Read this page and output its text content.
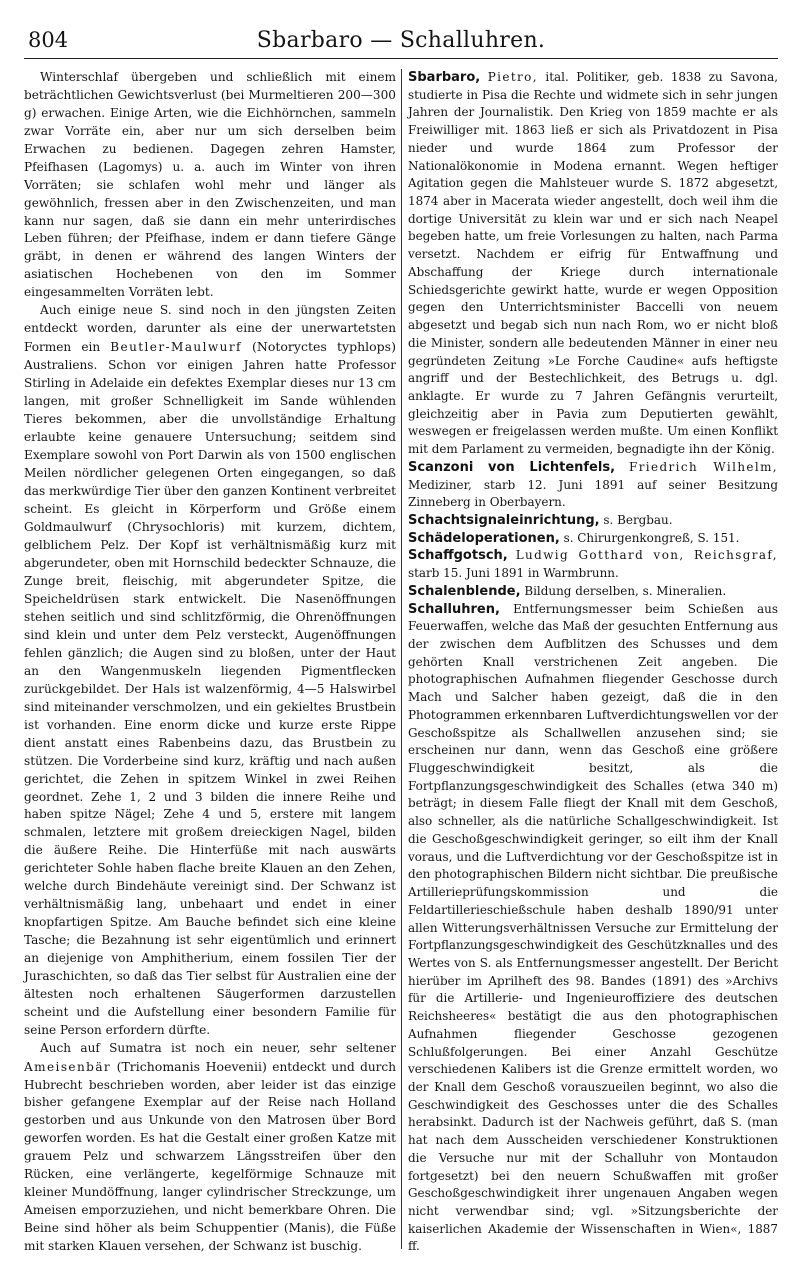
804	Sbarbaro — Schalluhren.

Winterschlaf übergeben und schließlich mit einem beträchtlichen Gewichtsverlust (bei Murmeltieren 200—300 g) erwachen. Einige Arten, wie die Eichhörnchen, sammeln zwar Vorräte ein, aber nur um sich derselben beim Erwachen zu bedienen. Dagegen zehren Hamster, Pfeifhasen (Lagomys) u. a. auch im Winter von ihren Vorräten; sie schlafen wohl mehr und länger als gewöhnlich, fressen aber in den Zwischenzeiten, und man kann nur sagen, daß sie dann ein mehr unterirdisches Leben führen; der Pfeifhase, indem er dann tiefere Gänge gräbt, in denen er während des langen Winters der asiatischen Hochebenen von den im Sommer eingesammelten Vorräten lebt.

Auch einige neue S. sind noch in den jüngsten Zeiten entdeckt worden, darunter als eine der unerwartetsten Formen ein Beutler-Maulwurf (Notoryctes typhlops) Australiens. Schon vor einigen Jahren hatte Professor Stirling in Adelaide ein defektes Exemplar dieses nur 13 cm langen, mit großer Schnelligkeit im Sande wühlenden Tieres bekommen, aber die unvollständige Erhaltung erlaubte keine genauere Untersuchung; seitdem sind Exemplare sowohl von Port Darwin als von 1500 englischen Meilen nördlicher gelegenen Orten eingegangen, so daß das merkwürdige Tier über den ganzen Kontinent verbreitet scheint. Es gleicht in Körperform und Größe einem Goldmaulwurf (Chrysochloris) mit kurzem, dichtem, gelblichem Pelz. Der Kopf ist verhältnismäßig kurz mit abgerundeter, oben mit Hornschild bedeckter Schnauze, die Zunge breit, fleischig, mit abgerundeter Spitze, die Speicheldrüsen stark entwickelt. Die Nasenöffnungen stehen seitlich und sind schlitzförmig, die Ohrenöffnungen sind klein und unter dem Pelz versteckt, Augenöffnungen fehlen gänzlich; die Augen sind zu bloßen, unter der Haut an den Wangenmuskeln liegenden Pigmentflecken zurückgebildet. Der Hals ist walzenförmig, 4—5 Halswirbel sind miteinander verschmolzen, und ein gekieltes Brustbein ist vorhanden. Eine enorm dicke und kurze erste Rippe dient anstatt eines Rabenbeins dazu, das Brustbein zu stützen. Die Vorderbeine sind kurz, kräftig und nach außen gerichtet, die Zehen in spitzem Winkel in zwei Reihen geordnet. Zehe 1, 2 und 3 bilden die innere Reihe und haben spitze Nägel; Zehe 4 und 5, erstere mit langem schmalen, letztere mit großem dreieckigen Nagel, bilden die äußere Reihe. Die Hinterfüße mit nach auswärts gerichteter Sohle haben flache breite Klauen an den Zehen, welche durch Bindehäute vereinigt sind. Der Schwanz ist verhältnismäßig lang, unbehaart und endet in einer knopfartigen Spitze. Am Bauche befindet sich eine kleine Tasche; die Bezahnung ist sehr eigentümlich und erinnert an diejenige von Amphitherium, einem fossilen Tier der Juraschichten, so daß das Tier selbst für Australien eine der ältesten noch erhaltenen Säugerformen darzustellen scheint und die Aufstellung einer besondern Familie für seine Person erfordern dürfte.

Auch auf Sumatra ist noch ein neuer, sehr seltener Ameisenbär (Trichomanis Hoevenii) entdeckt und durch Hubrecht beschrieben worden, aber leider ist das einzige bisher gefangene Exemplar auf der Reise nach Holland gestorben und aus Unkunde von den Matrosen über Bord geworfen worden. Es hat die Gestalt einer großen Katze mit grauem Pelz und schwarzem Längsstreifen über den Rücken, eine verlängerte, kegelförmige Schnauze mit kleiner Mundöffnung, langer cylindrischer Streckzunge, um Ameisen emporzuziehen, und nicht bemerkbare Ohren. Die Beine sind höher als beim Schuppentier (Manis), die Füße mit starken Klauen versehen, der Schwanz ist buschig.

Sbarbaro, Pietro, ital. Politiker, geb. 1838 zu Savona, studierte in Pisa die Rechte und widmete sich in sehr jungen Jahren der Journalistik. Den Krieg von 1859 machte er als Freiwilliger mit. 1863 ließ er sich als Privatdozent in Pisa nieder und wurde 1864 zum Professor der Nationalökonomie in Modena ernannt. Wegen heftiger Agitation gegen die Mahlsteuer wurde S. 1872 abgesetzt, 1874 aber in Macerata wieder angestellt, doch weil ihm die dortige Universität zu klein war und er sich nach Neapel begeben hatte, um freie Vorlesungen zu halten, nach Parma versetzt. Nachdem er eifrig für Entwaffnung und Abschaffung der Kriege durch internationale Schiedsgerichte gewirkt hatte, wurde er wegen Opposition gegen den Unterrichtsminister Baccelli von neuem abgesetzt und begab sich nun nach Rom, wo er nicht bloß die Minister, sondern alle bedeutenden Männer in einer neu gegründeten Zeitung »Le Forche Caudine« aufs heftigste angriff und der Bestechlichkeit, des Betrugs u. dgl. anklagte. Er wurde zu 7 Jahren Gefängnis verurteilt, gleichzeitig aber in Pavia zum Deputierten gewählt, weswegen er freigelassen werden mußte. Um einen Konflikt mit dem Parlament zu vermeiden, begnadigte ihn der König.

Scanzoni von Lichtenfels, Friedrich Wilhelm, Mediziner, starb 12. Juni 1891 auf seiner Besitzung Zinneberg in Oberbayern.

Schachtsignaleinrichtung, s. Bergbau.

Schädeloperationen, s. Chirurgenkongreß, S. 151.

Schaffgotsch, Ludwig Gotthard von, Reichsgraf, starb 15. Juni 1891 in Warmbrunn.

Schalenblende, Bildung derselben, s. Mineralien.

Schalluhren, Entfernungsmesser beim Schießen aus Feuerwaffen, welche das Maß der gesuchten Entfernung aus der zwischen dem Aufblitzen des Schusses und dem gehörten Knall verstrichenen Zeit angeben. Die photographischen Aufnahmen fliegender Geschosse durch Mach und Salcher haben gezeigt, daß die in den Photogrammen erkennbaren Luftverdichtungswellen vor der Geschoßspitze als Schallwellen anzusehen sind; sie erscheinen nur dann, wenn das Geschoß eine größere Fluggeschwindigkeit besitzt, als die Fortpflanzungsgeschwindigkeit des Schalles (etwa 340 m) beträgt; in diesem Falle fliegt der Knall mit dem Geschoß, also schneller, als die natürliche Schallgeschwindigkeit. Ist die Geschoßgeschwindigkeit geringer, so eilt ihm der Knall voraus, und die Luftverdichtung vor der Geschoßspitze ist in den photographischen Bildern nicht sichtbar. Die preußische Artillerieprüfungskommission und die Feldartillerieschießschule haben deshalb 1890/91 unter allen Witterungsverhältnissen Versuche zur Ermittelung der Fortpflanzungsgeschwindigkeit des Geschützknalles und des Wertes von S. als Entfernungsmesser angestellt. Der Bericht hierüber im Aprilheft des 98. Bandes (1891) des »Archivs für die Artillerie- und Ingenieuroffiziere des deutschen Reichsheeres« bestätigt die aus den photographischen Aufnahmen fliegender Geschosse gezogenen Schlußfolgerungen. Bei einer Anzahl Geschütze verschiedenen Kalibers ist die Grenze ermittelt worden, wo der Knall dem Geschoß vorauszueilen beginnt, wo also die Geschwindigkeit des Geschosses unter die des Schalles herabsinkt. Dadurch ist der Nachweis geführt, daß S. (man hat nach dem Ausscheiden verschiedener Konstruktionen die Versuche nur mit der Schalluhr von Montaudon fortgesetzt) bei den neuern Schußwaffen mit großer Geschoßgeschwindigkeit ihrer ungenauen Angaben wegen nicht verwendbar sind; vgl. »Sitzungsberichte der kaiserlichen Akademie der Wissenschaften in Wien«, 1887 ff.
